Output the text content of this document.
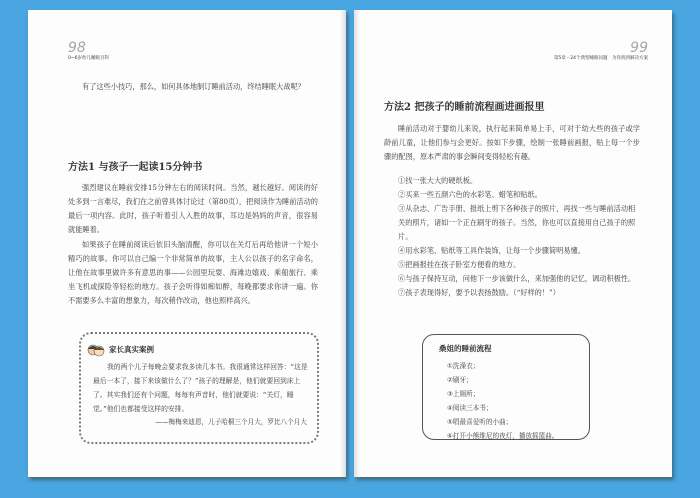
98
0~6岁幼儿睡眠百科
有了这些小技巧，那么，如何具体地制订睡前活动，终结睡眠大战呢？
方法1 与孩子一起读15分钟书
强烈建议在睡前安排15分钟左右的阅读时间。当然，越长越好。阅读的好处多到一言难尽，我们在之前曾具体讨论过（第80页），把阅读作为睡前活动的最后一项内容。此时，孩子听着引人入胜的故事，耳边是妈妈的声音，很容易就能睡着。
如果孩子在睡前阅读后依旧头脑清醒，你可以在关灯后再给他讲一个短小精巧的故事。你可以自己编一个非常简单的故事，主人公以孩子的名字命名，让他在故事里做许多有意思的事——公园里玩耍、海滩边嬉戏、乘船旅行、乘坐飞机或探险等轻松的地方。孩子会听得如痴如醉，每晚都要求你讲一遍。你不需要多么丰富的想象力，每次稍作改动，他也照样高兴。
家长真实案例
我的两个儿子每晚会要求我多读几本书。我很通常这样回答：“这是最后一本了，接下来该做什么了？”孩子的理解是，他们就要回到床上了。其实我们还有个问题，每每有声音时，他们就要说：“关灯，睡觉。”他们也都接受这样的安排。
——梅梅来迪恩，儿子哈桐三个月大，罗比八个月大
99
第5章・24个典型睡眠问题　为你找到解决方案
方法2 把孩子的睡前流程画进画报里
睡前活动对于婴幼儿来说，执行起来简单易上手，可对于幼大些的孩子或学龄前儿童，让他们参与会更好。按如下步骤，绘制一张睡前画报，贴上每一个步骤的配图，原本严肃的事会瞬间变得轻松有趣。
①找一张大大的硬纸板。
②买来一些五颜六色的水彩笔、蜡笔和贴纸。
③从杂志、广告手册、报纸上剪下各种孩子的照片，再找一些与睡前活动相关的照片，诸如一个正在刷牙的孩子。当然，你也可以直接用自己孩子的照片。
④用水彩笔、贴纸等工具作装饰，让每一个步骤简明易懂。
⑤把画报挂在孩子卧室方便看的地方。
⑥与孩子保持互动，问他下一步该做什么，来加强他的记忆，调动积极性。
⑦孩子表现得好，要予以表扬鼓励。（“好样的！”）
桑姐的睡前流程
①洗澡衣；
②刷牙；
③上厕所；
④阅读三本书；
⑤唱最喜爱听的小曲；
⑥打开小熊维尼的夜灯，播放摇篮曲。
